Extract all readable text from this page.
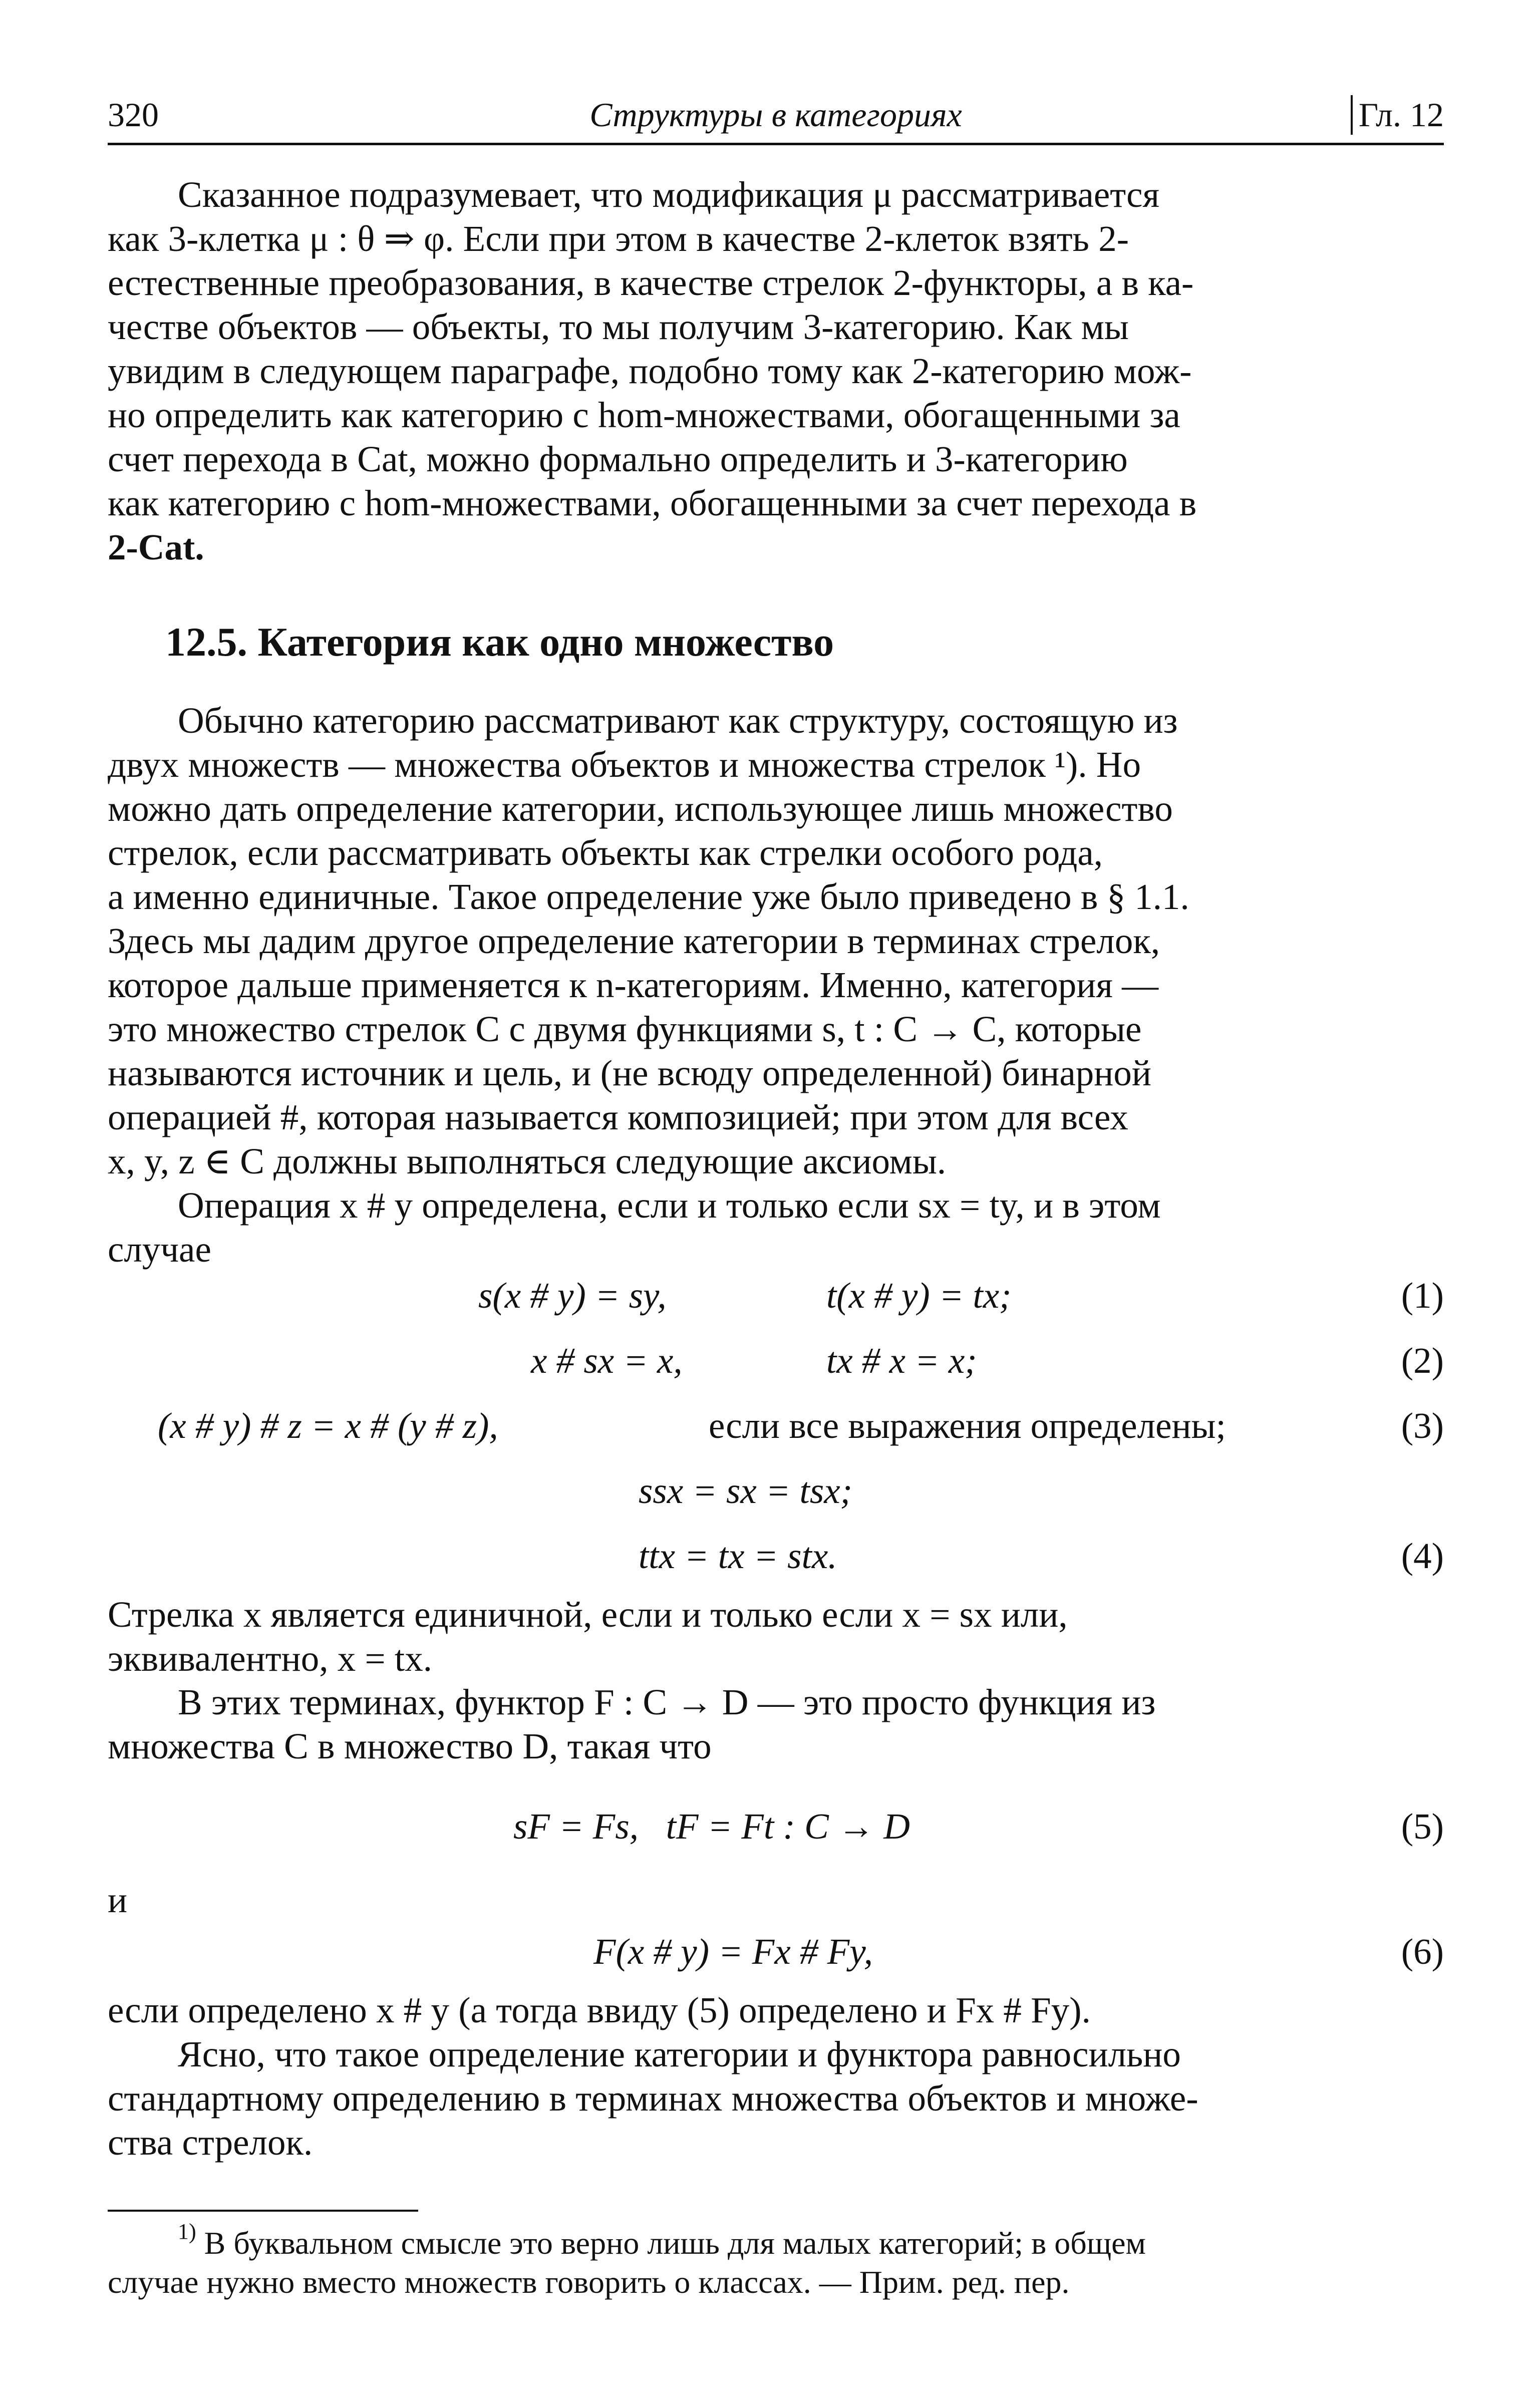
320	Структуры в категориях	Гл. 12
Сказанное подразумевает, что модификация μ рассматривается
как 3-клетка μ : θ ⇒ φ. Если при этом в качестве 2-клеток взять 2-
естественные преобразования, в качестве стрелок 2-функторы, а в ка-
честве объектов — объекты, то мы получим 3-категорию. Как мы
увидим в следующем параграфе, подобно тому как 2-категорию мож-
но определить как категорию с hom-множествами, обогащенными за
счет перехода в Cat, можно формально определить и 3-категорию
как категорию с hom-множествами, обогащенными за счет перехода в
2-Cat.
12.5. Категория как одно множество
Обычно категорию рассматривают как структуру, состоящую из
двух множеств — множества объектов и множества стрелок ¹). Но
можно дать определение категории, использующее лишь множество
стрелок, если рассматривать объекты как стрелки особого рода,
а именно единичные. Такое определение уже было приведено в § 1.1.
Здесь мы дадим другое определение категории в терминах стрелок,
которое дальше применяется к n-категориям. Именно, категория —
это множество стрелок C с двумя функциями s, t : C → C, которые
называются источник и цель, и (не всюду определенной) бинарной
операцией #, которая называется композицией; при этом для всех
x, y, z ∈ C должны выполняться следующие аксиомы.
Операция x # y определена, если и только если sx = ty, и в этом
случае
s(x # y) = sy,	t(x # y) = tx;	(1)
x # sx = x,	tx # x = x;	(2)
(x # y) # z = x # (y # z),	если все выражения определены;	(3)
ssx = sx = tsx;
ttx = tx = stx.	(4)
Стрелка x является единичной, если и только если x = sx или,
эквивалентно, x = tx.
В этих терминах, функтор F : C → D — это просто функция из
множества C в множество D, такая что
sF = Fs,   tF = Ft : C → D	(5)
и
F(x # y) = Fx # Fy,	(6)
если определено x # y (а тогда ввиду (5) определено и Fx # Fy).
Ясно, что такое определение категории и функтора равносильно
стандартному определению в терминах множества объектов и множе-
ства стрелок.
$^{1)}$ В буквальном смысле это верно лишь для малых категорий; в общем
случае нужно вместо множеств говорить о классах. — Прим. ред. пер.
